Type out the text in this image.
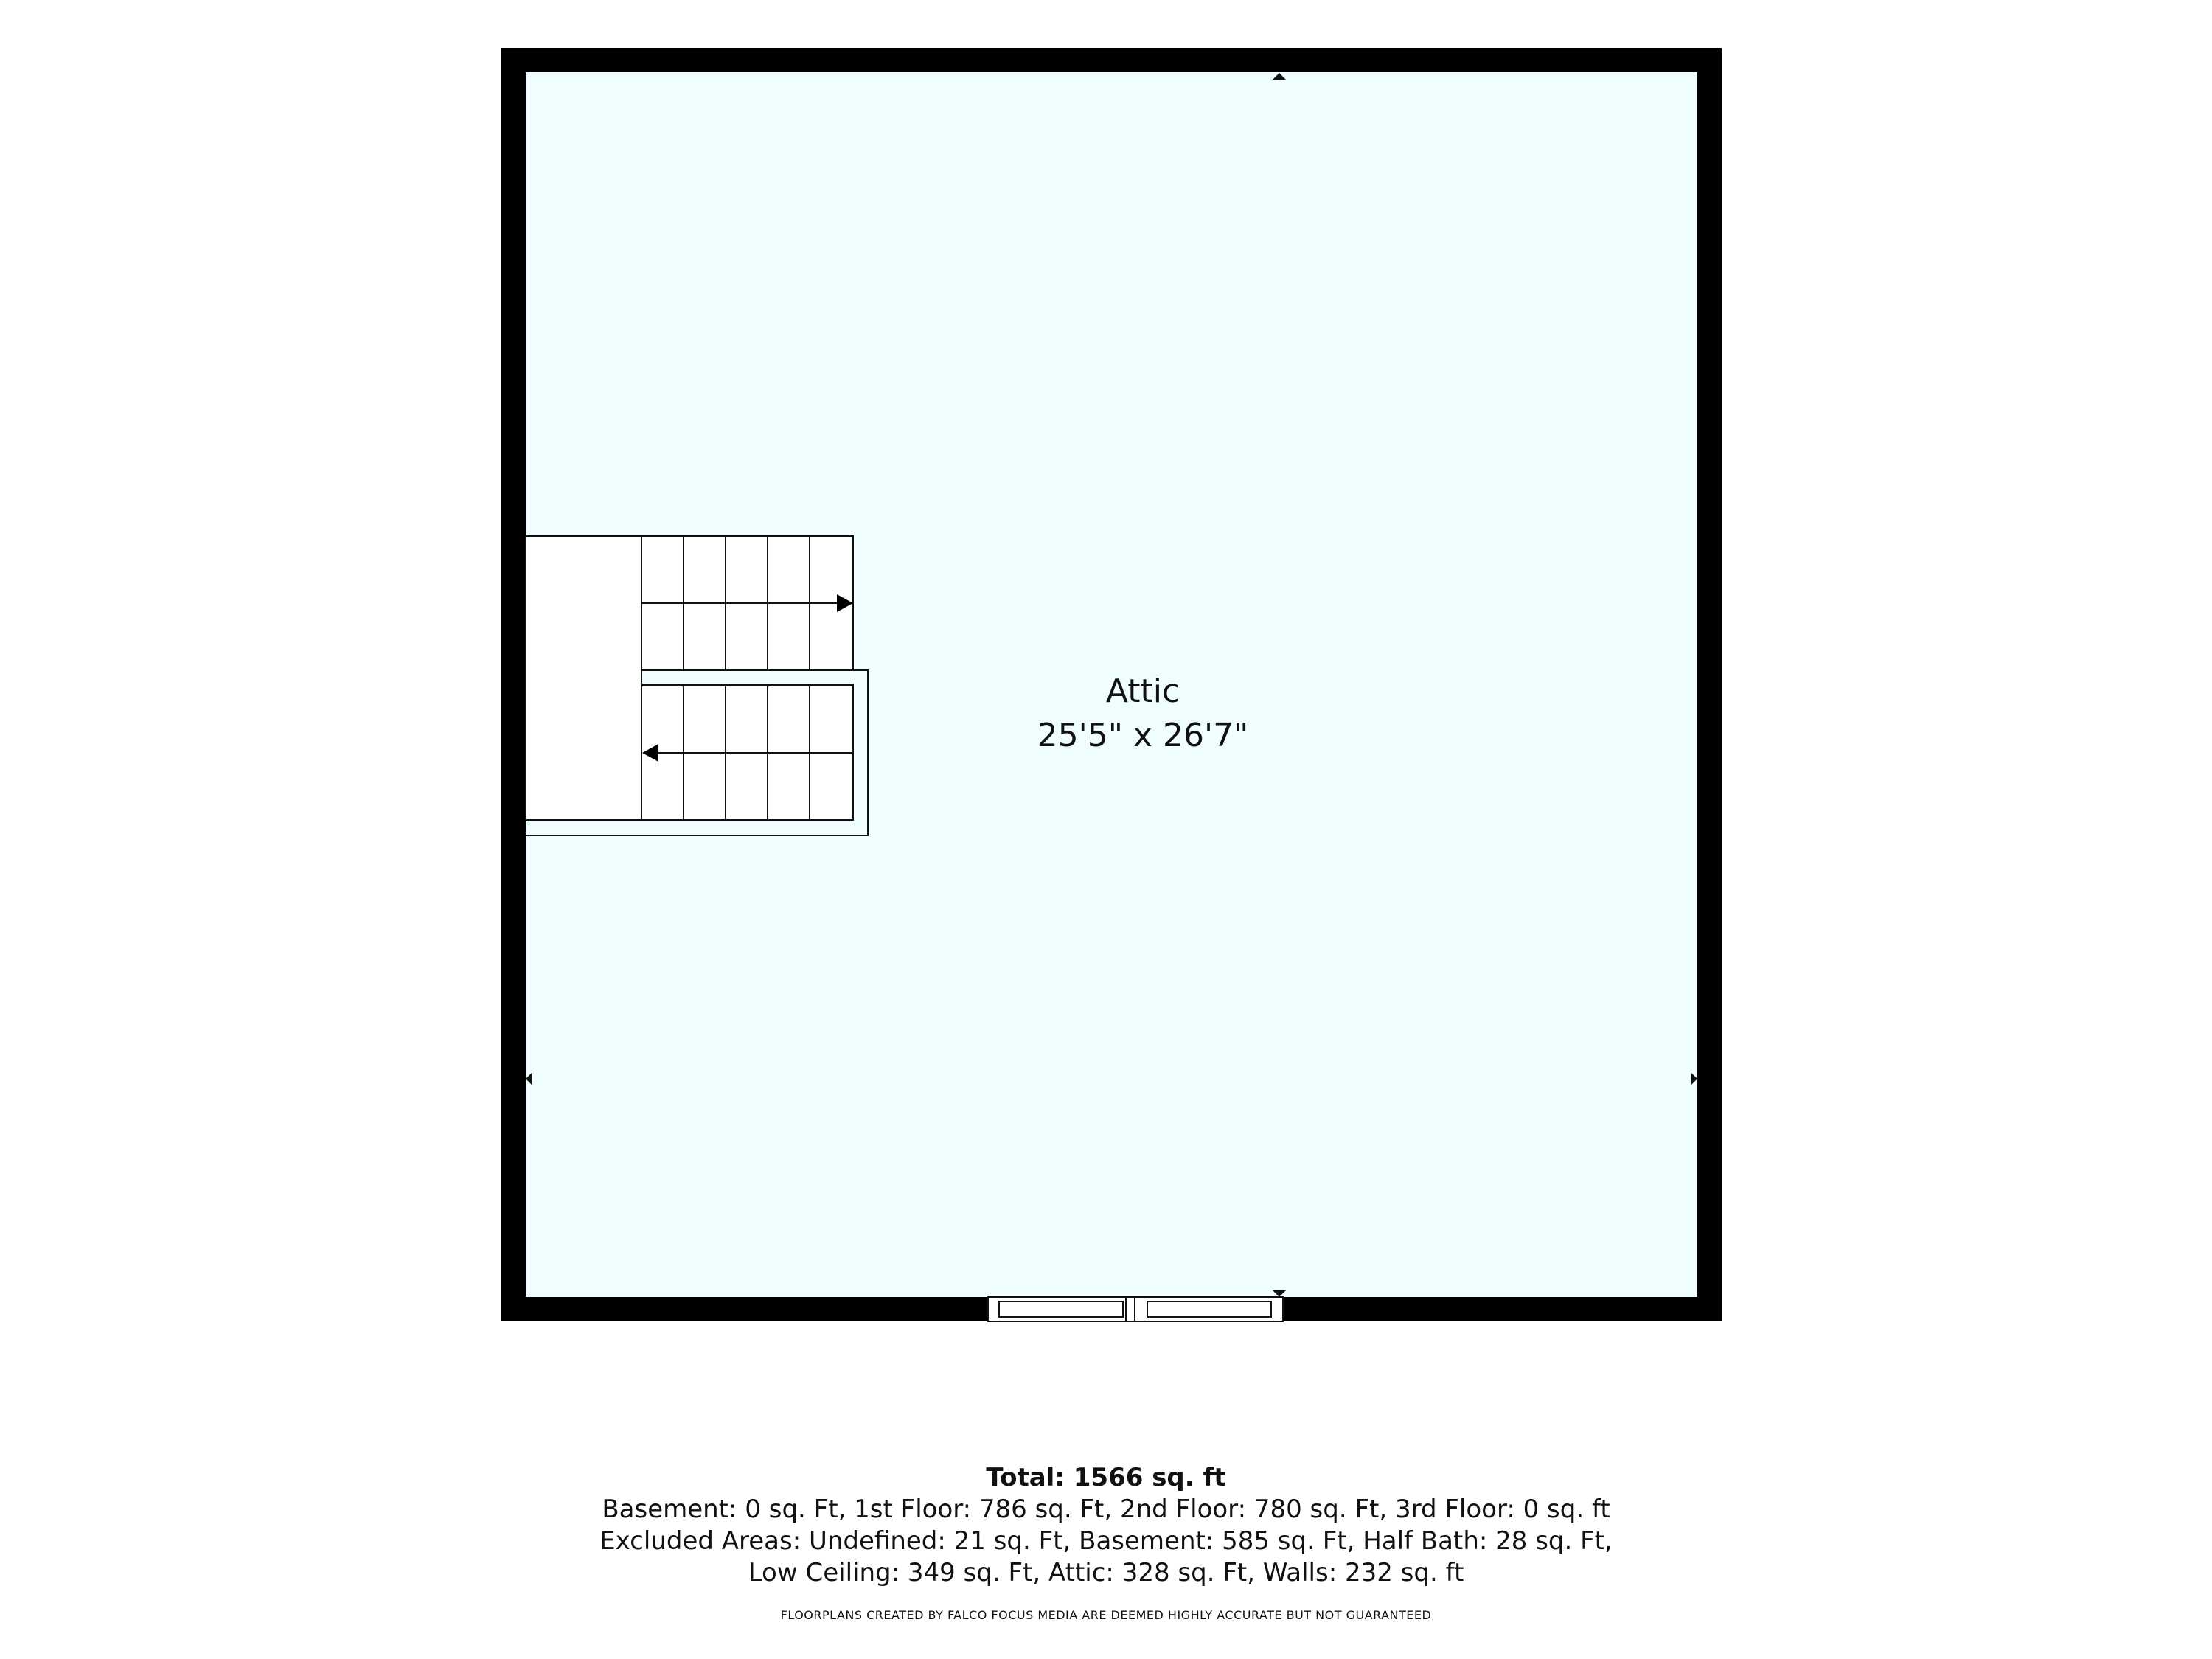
Attic
25'5" x 26'7"
Total: 1566 sq. ft
Basement: 0 sq. Ft, 1st Floor: 786 sq. Ft, 2nd Floor: 780 sq. Ft, 3rd Floor: 0 sq. ft
Excluded Areas: Undefined: 21 sq. Ft, Basement: 585 sq. Ft, Half Bath: 28 sq. Ft,
Low Ceiling: 349 sq. Ft, Attic: 328 sq. Ft, Walls: 232 sq. ft
FLOORPLANS CREATED BY FALCO FOCUS MEDIA ARE DEEMED HIGHLY ACCURATE BUT NOT GUARANTEED
